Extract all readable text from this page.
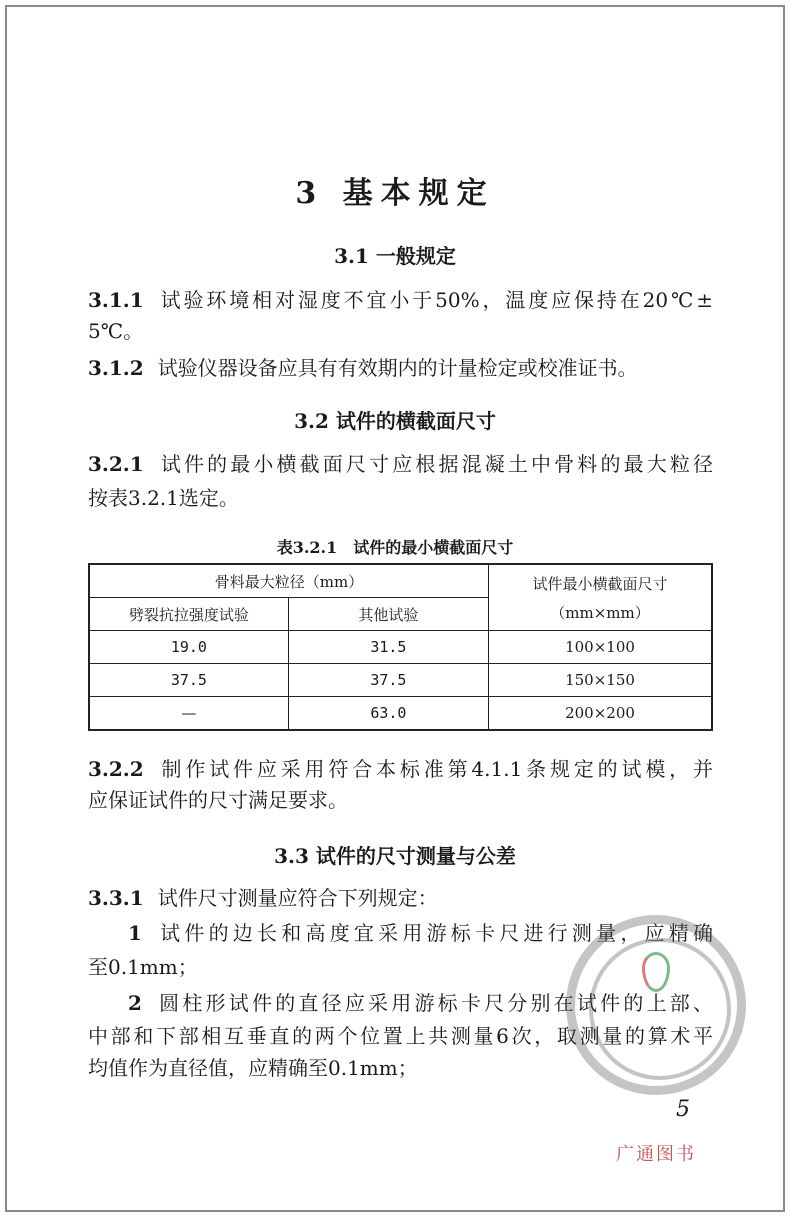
3 基本规定
3.1 一般规定
3.1.1 试验环境相对湿度不宜小于50%，温度应保持在20℃±
5℃。
3.1.2 试验仪器设备应具有有效期内的计量检定或校准证书。
3.2 试件的横截面尺寸
3.2.1 试件的最小横截面尺寸应根据混凝土中骨料的最大粒径
按表3.2.1选定。
表3.2.1　试件的最小横截面尺寸
骨料最大粒径（mm）		试件最小横截面尺寸
（mm×mm）

劈裂抗拉强度试验	其他试验	
19.0	31.5	100×100
37.5	37.5	150×150
—	63.0	200×200
3.2.2 制作试件应采用符合本标准第4.1.1条规定的试模，并
应保证试件的尺寸满足要求。
3.3 试件的尺寸测量与公差
3.3.1 试件尺寸测量应符合下列规定：
1 试件的边长和高度宜采用游标卡尺进行测量，应精确
至0.1mm；
2 圆柱形试件的直径应采用游标卡尺分别在试件的上部、
中部和下部相互垂直的两个位置上共测量6次，取测量的算术平
均值作为直径值，应精确至0.1mm；
广通图书
5
